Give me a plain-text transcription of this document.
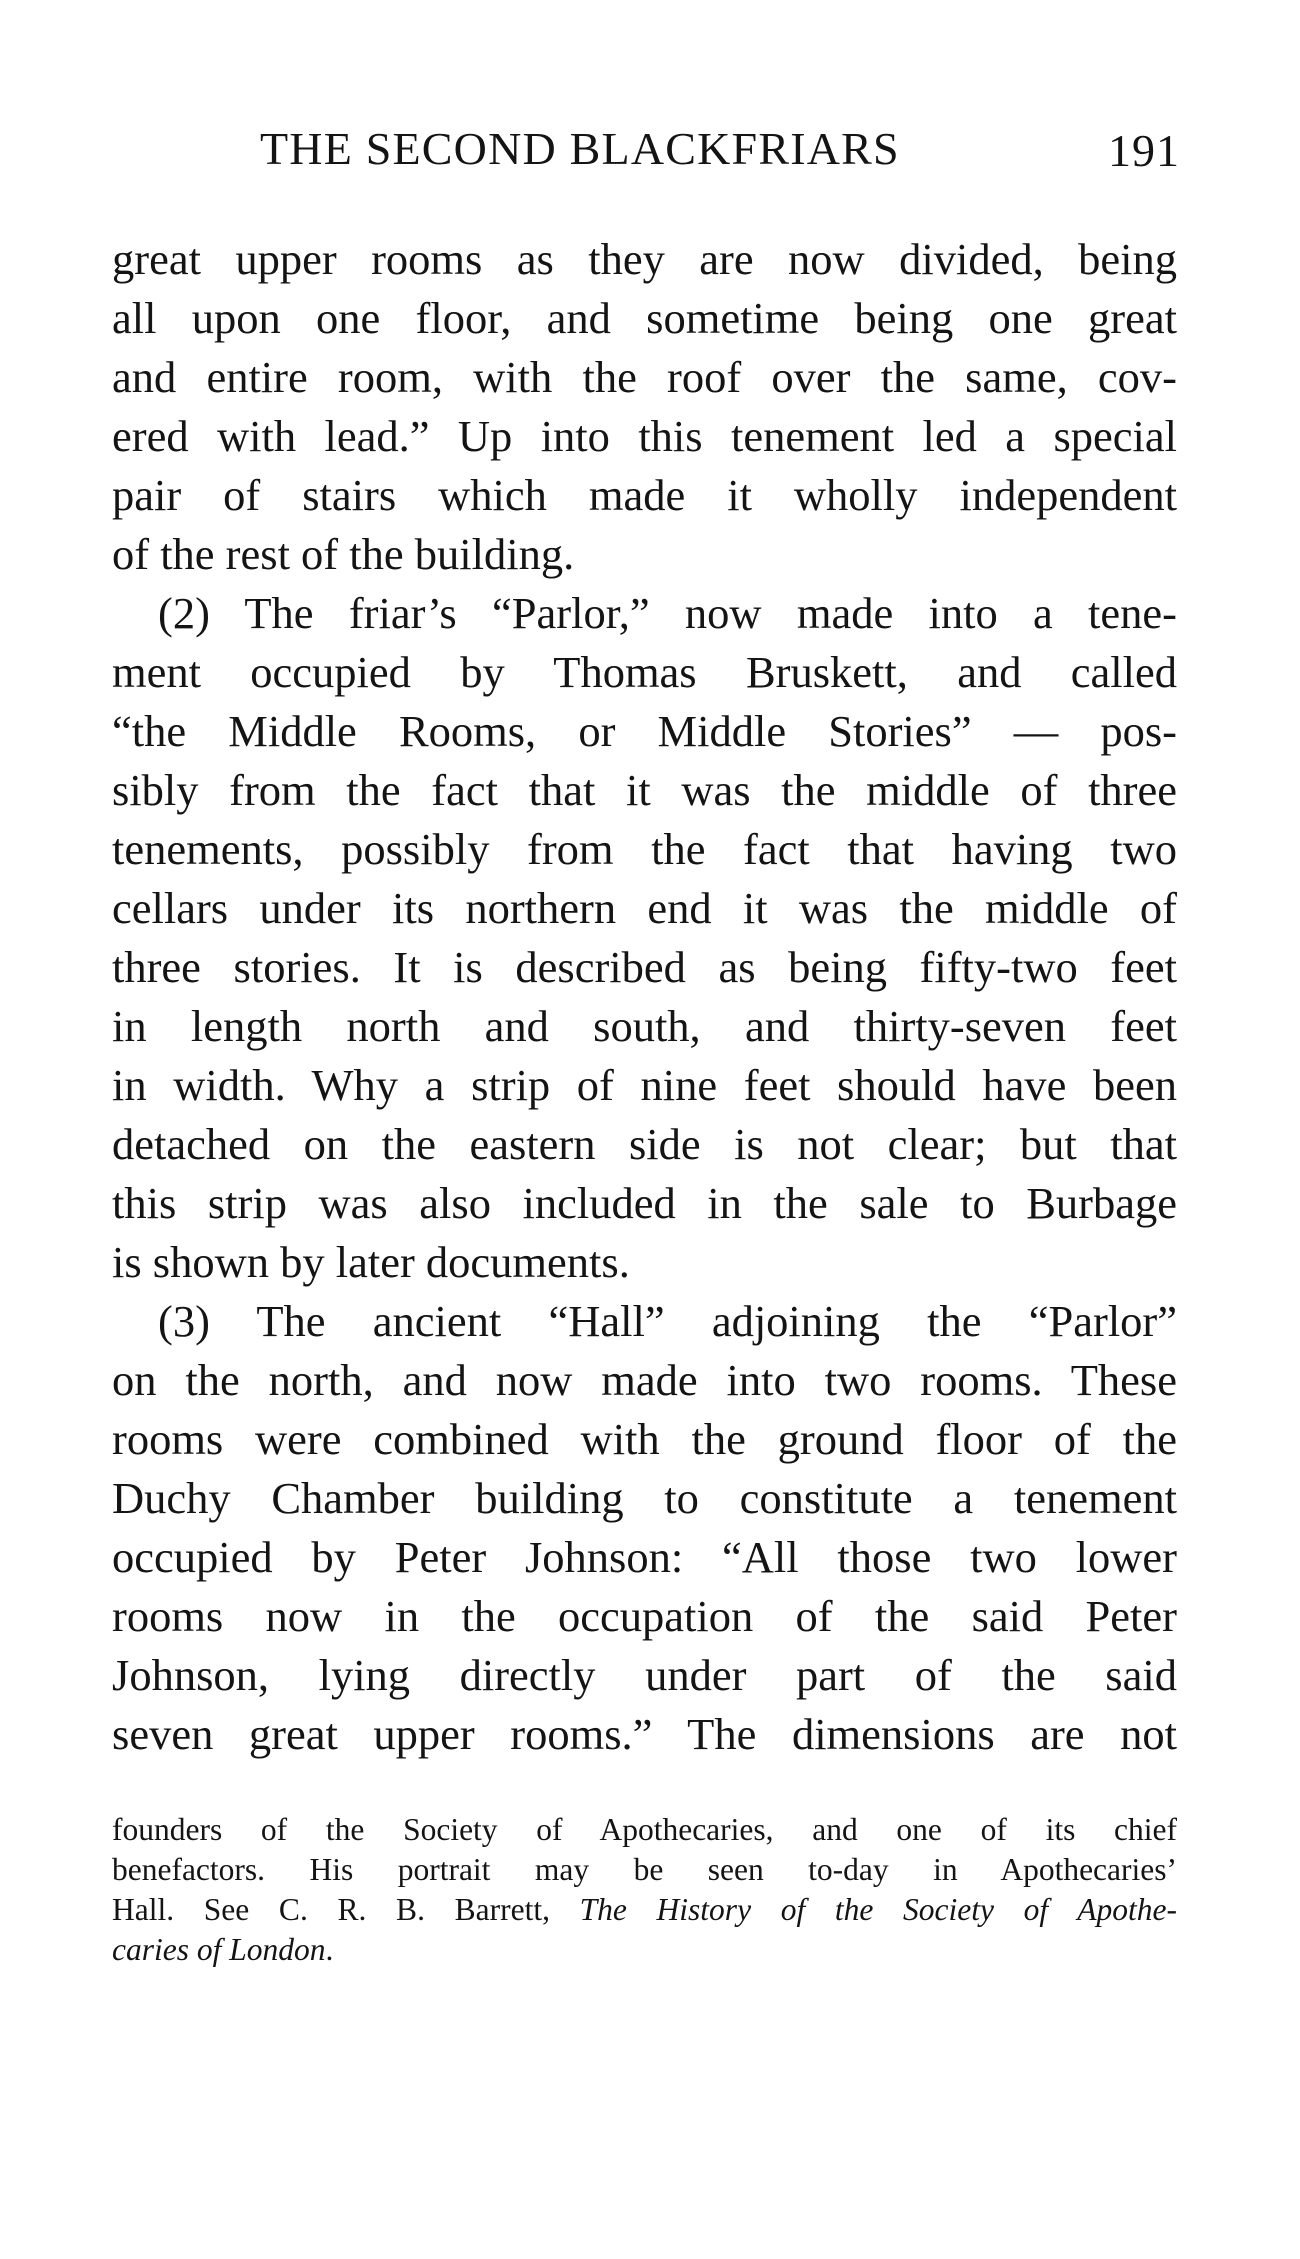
THE SECOND BLACKFRIARS	191
great upper rooms as they are now divided, being
all upon one floor, and sometime being one great
and entire room, with the roof over the same, cov-
ered with lead.” Up into this tenement led a special
pair of stairs which made it wholly independent
of the rest of the building.
(2) The friar’s “Parlor,” now made into a tene-
ment occupied by Thomas Bruskett, and called
“the Middle Rooms, or Middle Stories” — pos-
sibly from the fact that it was the middle of three
tenements, possibly from the fact that having two
cellars under its northern end it was the middle of
three stories. It is described as being fifty-two feet
in length north and south, and thirty-seven feet
in width. Why a strip of nine feet should have been
detached on the eastern side is not clear; but that
this strip was also included in the sale to Burbage
is shown by later documents.
(3) The ancient “Hall” adjoining the “Parlor”
on the north, and now made into two rooms. These
rooms were combined with the ground floor of the
Duchy Chamber building to constitute a tenement
occupied by Peter Johnson: “All those two lower
rooms now in the occupation of the said Peter
Johnson, lying directly under part of the said
seven great upper rooms.” The dimensions are not
founders of the Society of Apothecaries, and one of its chief
benefactors. His portrait may be seen to-day in Apothecaries’
Hall. See C. R. B. Barrett, The History of the Society of Apothe-
caries of London.
